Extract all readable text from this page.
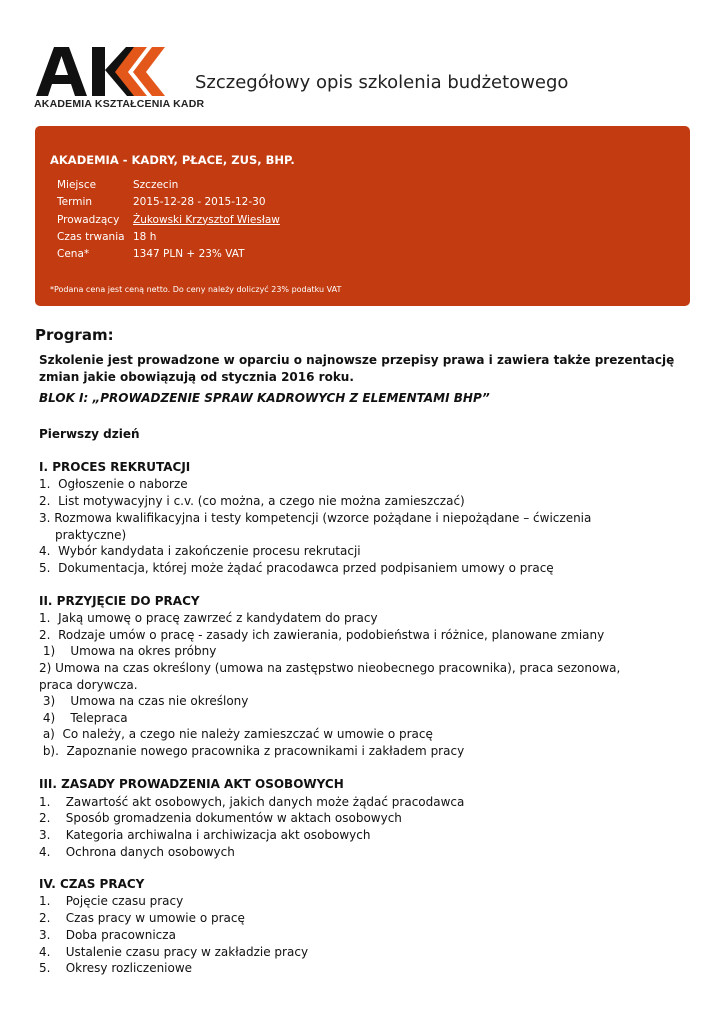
AKADEMIA KSZTAŁCENIA KADR
Szczegółowy opis szkolenia budżetowego
AKADEMIA - KADRY, PŁACE, ZUS, BHP.
Miejsce	Szczecin
Termin	2015-12-28 - 2015-12-30
Prowadzący	Żukowski Krzysztof Wiesław
Czas trwania 18 h
Cena*	1347 PLN + 23% VAT
*Podana cena jest ceną netto. Do ceny należy doliczyć 23% podatku VAT
Program:
Szkolenie jest prowadzone w oparciu o najnowsze przepisy prawa i zawiera także prezentację zmian jakie obowiązują od stycznia 2016 roku.
BLOK I: „PROWADZENIE SPRAW KADROWYCH Z ELEMENTAMI BHP”
Pierwszy dzień
I. PROCES REKRUTACJI
1.  Ogłoszenie o naborze
2.  List motywacyjny i c.v. (co można, a czego nie można zamieszczać)
3. Rozmowa kwalifikacyjna i testy kompetencji (wzorce pożądane i niepożądane – ćwiczenia praktyczne)
4.  Wybór kandydata i zakończenie procesu rekrutacji
5.  Dokumentacja, której może żądać pracodawca przed podpisaniem umowy o pracę
II. PRZYJĘCIE DO PRACY
1.  Jaką umowę o pracę zawrzeć z kandydatem do pracy
2.  Rodzaje umów o pracę - zasady ich zawierania, podobieństwa i różnice, planowane zmiany
1)    Umowa na okres próbny
2) Umowa na czas określony (umowa na zastępstwo nieobecnego pracownika), praca sezonowa, praca dorywcza.
3)    Umowa na czas nie określony
4)    Telepraca
a)  Co należy, a czego nie należy zamieszczać w umowie o pracę
b).  Zapoznanie nowego pracownika z pracownikami i zakładem pracy
III. ZASADY PROWADZENIA AKT OSOBOWYCH
1.    Zawartość akt osobowych, jakich danych może żądać pracodawca
2.    Sposób gromadzenia dokumentów w aktach osobowych
3.    Kategoria archiwalna i archiwizacja akt osobowych
4.    Ochrona danych osobowych
IV. CZAS PRACY
1.    Pojęcie czasu pracy
2.    Czas pracy w umowie o pracę
3.    Doba pracownicza
4.    Ustalenie czasu pracy w zakładzie pracy
5.    Okresy rozliczeniowe
